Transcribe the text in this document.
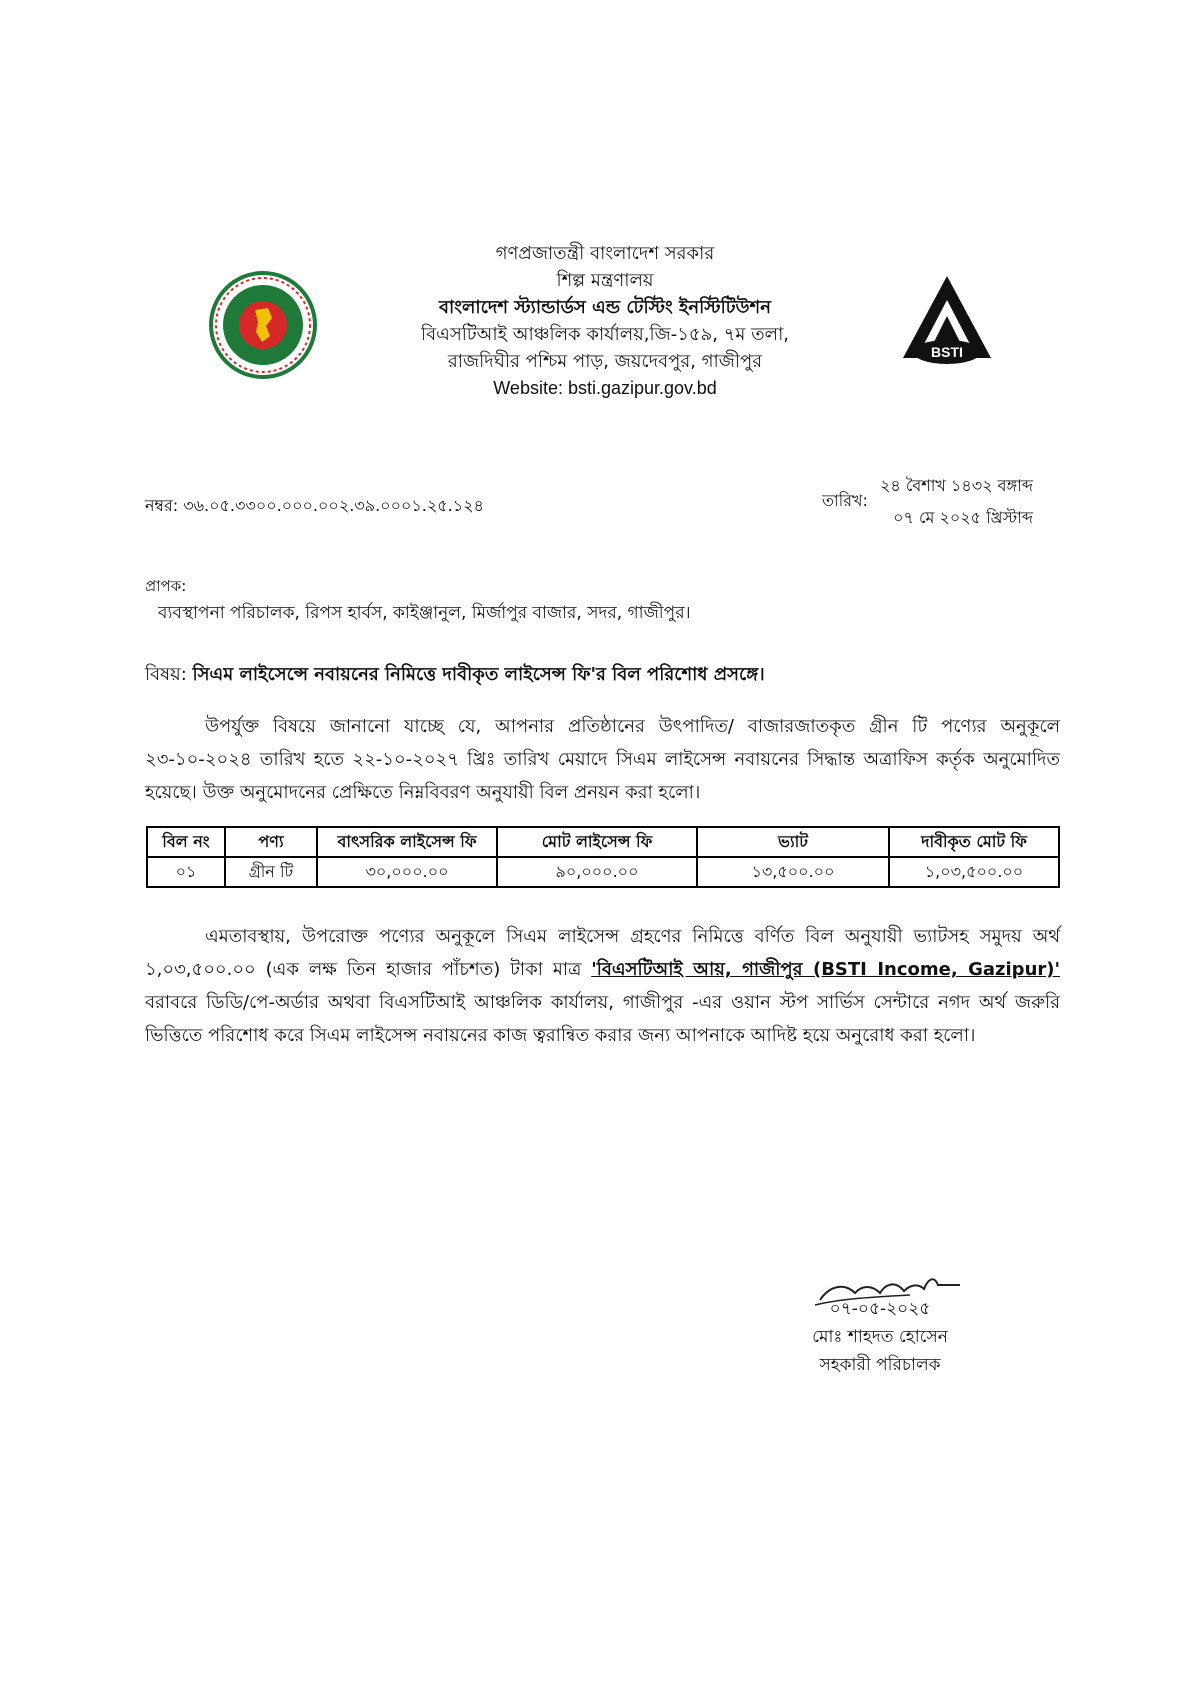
BSTI
গণপ্রজাতন্ত্রী বাংলাদেশ সরকার
শিল্প মন্ত্রণালয়
বাংলাদেশ স্ট্যান্ডার্ডস এন্ড টেস্টিং ইনস্টিটিউশন
বিএসটিআই আঞ্চলিক কার্যালয়,জি-১৫৯, ৭ম তলা,
রাজদিঘীর পশ্চিম পাড়, জয়দেবপুর, গাজীপুর
Website: bsti.gazipur.gov.bd
নম্বর: ৩৬.০৫.৩৩০০.০০০.০০২.৩৯.০০০১.২৫.১২৪	তারিখ:
২৪ বৈশাখ ১৪৩২ বঙ্গাব্দ
০৭ মে ২০২৫ খ্রিস্টাব্দ
প্রাপক:
ব্যবস্থাপনা পরিচালক, রিপস হার্বস, কাইঞ্জানুল, মির্জাপুর বাজার, সদর, গাজীপুর।
বিষয়: সিএম লাইসেন্সে নবায়নের নিমিত্তে দাবীকৃত লাইসেন্স ফি'র বিল পরিশোধ প্রসঙ্গে।

উপর্যুক্ত বিষয়ে জানানো যাচ্ছে যে, আপনার প্রতিষ্ঠানের উৎপাদিত/ বাজারজাতকৃত গ্রীন টি পণ্যের অনুকূলে ২৩-১০-২০২৪ তারিখ হতে ২২-১০-২০২৭ খ্রিঃ তারিখ মেয়াদে সিএম লাইসেন্স নবায়নের সিদ্ধান্ত অত্রাফিস কর্তৃক অনুমোদিত হয়েছে। উক্ত অনুমোদনের প্রেক্ষিতে নিম্নবিবরণ অনুযায়ী বিল প্রনয়ন করা হলো।

বিল নং	পণ্য	বাৎসরিক লাইসেন্স ফি	মোট লাইসেন্স ফি	ভ্যাট	দাবীকৃত মোট ফি
০১	গ্রীন টি	৩০,০০০.০০	৯০,০০০.০০	১৩,৫০০.০০	১,০৩,৫০০.০০

এমতাবস্থায়, উপরোক্ত পণ্যের অনুকূলে সিএম লাইসেন্স গ্রহণের নিমিত্তে বর্ণিত বিল অনুযায়ী ভ্যাটসহ সমুদয় অর্থ ১,০৩,৫০০.০০ (এক লক্ষ তিন হাজার পাঁচশত) টাকা মাত্র 'বিএসটিআই আয়, গাজীপুর (BSTI Income, Gazipur)' বরাবরে ডিডি/পে-অর্ডার অথবা বিএসটিআই আঞ্চলিক কার্যালয়, গাজীপুর -এর ওয়ান স্টপ সার্ভিস সেন্টারে নগদ অর্থ জরুরি ভিত্তিতে পরিশোধ করে সিএম লাইসেন্স নবায়নের কাজ ত্বরান্বিত করার জন্য আপনাকে আদিষ্ট হয়ে অনুরোধ করা হলো।

০৭-০৫-২০২৫
মোঃ শাহদত হোসেন
সহকারী পরিচালক
